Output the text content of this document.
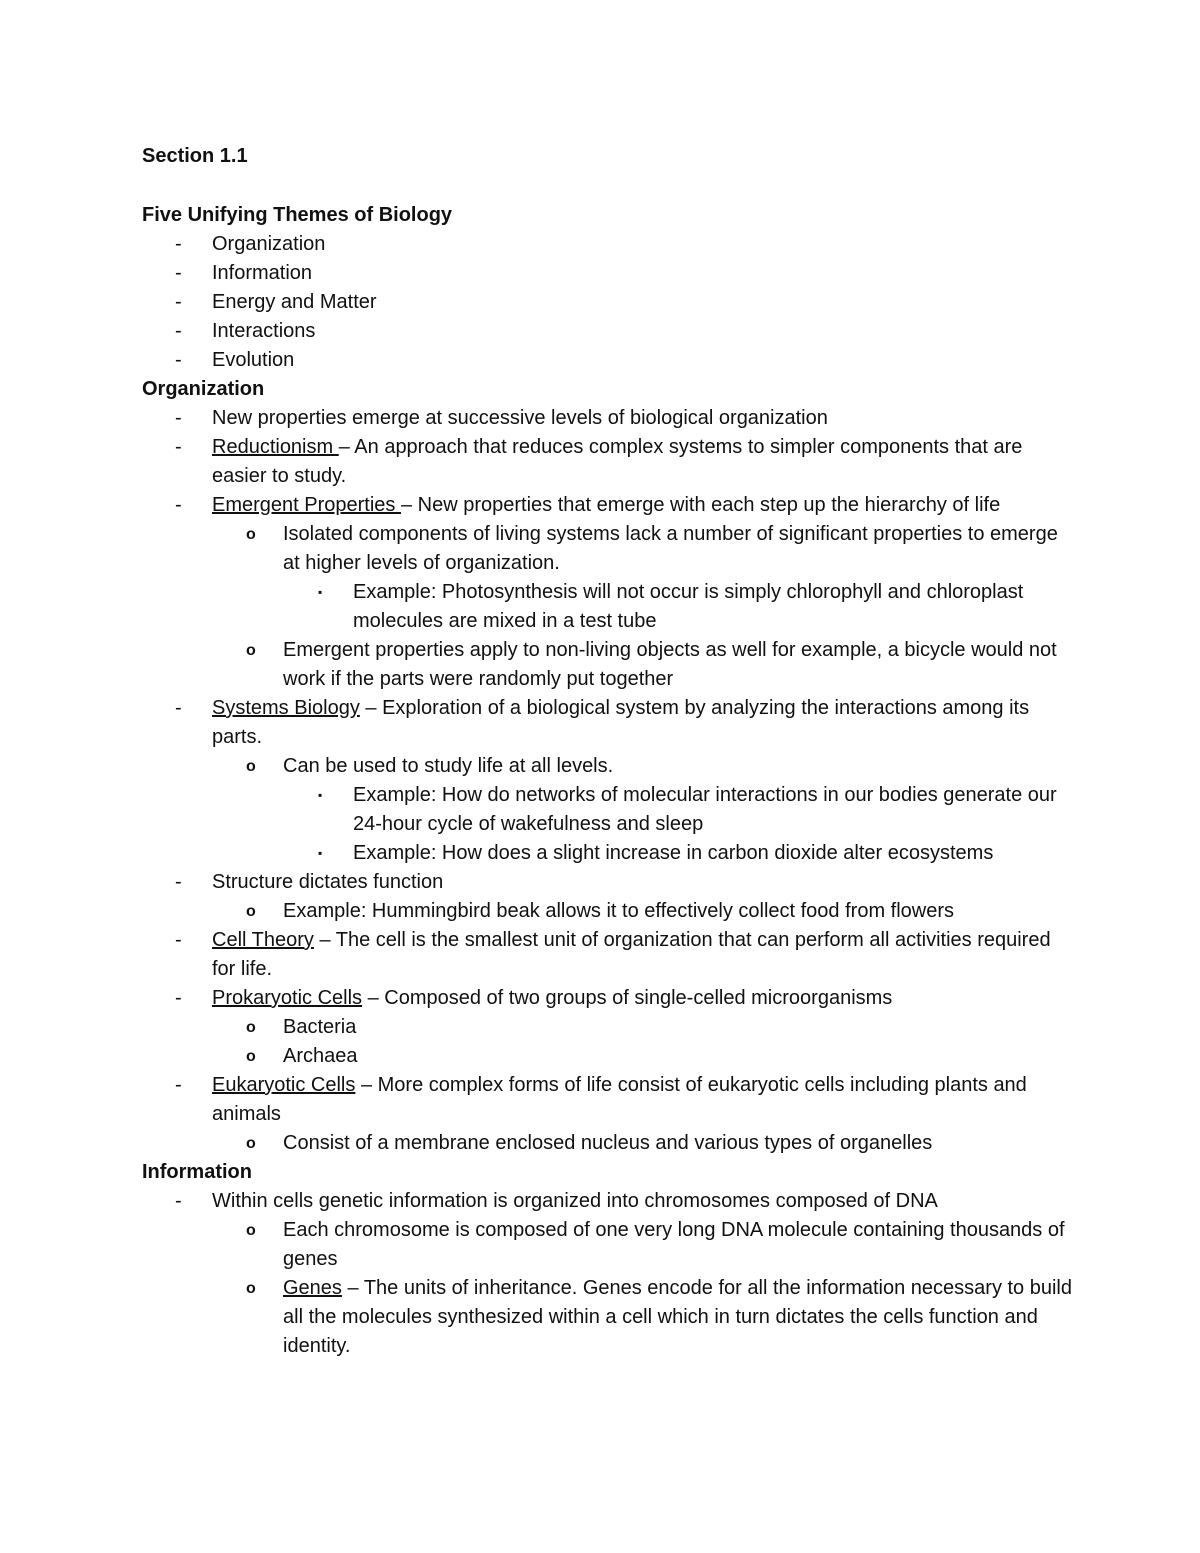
Section 1.1
Five Unifying Themes of Biology
- Organization
- Information
- Energy and Matter
- Interactions
- Evolution
Organization
- New properties emerge at successive levels of biological organization
- Reductionism – An approach that reduces complex systems to simpler components that are easier to study.
- Emergent Properties – New properties that emerge with each step up the hierarchy of life
o Isolated components of living systems lack a number of significant properties to emerge at higher levels of organization.
▪ Example: Photosynthesis will not occur is simply chlorophyll and chloroplast molecules are mixed in a test tube
o Emergent properties apply to non-living objects as well for example, a bicycle would not work if the parts were randomly put together
- Systems Biology – Exploration of a biological system by analyzing the interactions among its parts.
o Can be used to study life at all levels.
▪ Example: How do networks of molecular interactions in our bodies generate our 24-hour cycle of wakefulness and sleep
▪ Example: How does a slight increase in carbon dioxide alter ecosystems
- Structure dictates function
o Example: Hummingbird beak allows it to effectively collect food from flowers
- Cell Theory – The cell is the smallest unit of organization that can perform all activities required for life.
- Prokaryotic Cells – Composed of two groups of single-celled microorganisms
o Bacteria
o Archaea
- Eukaryotic Cells – More complex forms of life consist of eukaryotic cells including plants and animals
o Consist of a membrane enclosed nucleus and various types of organelles
Information
- Within cells genetic information is organized into chromosomes composed of DNA
o Each chromosome is composed of one very long DNA molecule containing thousands of genes
o Genes – The units of inheritance. Genes encode for all the information necessary to build all the molecules synthesized within a cell which in turn dictates the cells function and identity.
